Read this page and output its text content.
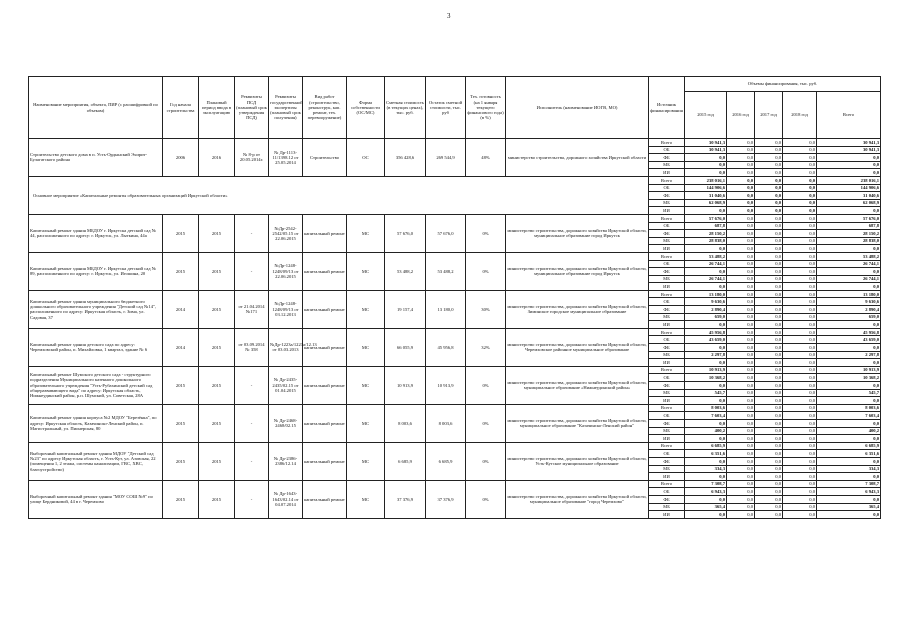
3
Наименование мероприятия, объекта, ПИР (с расшифровкой по объекам)	Год начала строительства	Плановый период ввода в эксплуатацию	Реквизиты ПСД (плановый срок утверждения ПСД)	Реквизиты государственной экспертизы (плановый срок получения)	Вид работ (строительство, реконструк, кап. ремонт, тех. перевооружение)	Форма собственности (ОС/МС)	Сметная стоимость (в текущих ценах), тыс. руб.	Остаток сметной стоимости, тыс. руб	Тех. готовность (на 1 января текущего финансового года) (в %)	Исполнитель (наименование ИОГВ, МО)	Источник финансирования	Объемы финансирования, тыс. руб.				
												2015 год	2016 год	2017 год	2018 год	Всего
Строительство детского дома в п. Усть-Ордынский Эхирит-Булагатского района	2006	2016	№ 8-р от 20.05.2014г.	№ Др-1113-11/1398.12 от 25.05.2014	Строительство	ОС	356 428,6	269 544,9	48%	министерство строительства, дорожного хозяйства Иркутской области	Всего	30 941,3	0,0	0,0	0,0	30 941,3
											ОБ	30 941,3	0,0	0,0	0,0	30 941,3
											ФБ	0,0	0,0	0,0	0,0	0,0
											МБ	0,0	0,0	0,0	0,0	0,0
											ИИ	0,0	0,0	0,0	0,0	0,0
Основное мероприятие «Капитальные ремонты образовательных организаций Иркутской области»											Всего	238 016,1	0,0	0,0	0,0	238 016,1
											ОБ	144 906,6	0,0	0,0	0,0	144 906,6
											ФБ	31 040,6	0,0	0,0	0,0	31 040,6
											МБ	62 068,9	0,0	0,0	0,0	62 068,9
											ИИ	0,0	0,0	0,0	0,0	0,0
Капитальный ремонт здания МБДОУ г. Иркутска детский сад № 44, расположенного по адресу: г. Иркутск, ул. Лыткина, 44а	2015	2015	-	№Др-2542-2542/05.15 от 22.06.2015	капитальный ремонт	МС	57 676,0	57 676,0	0%	министерство строительства, дорожного хозяйства Иркутской области, муниципальное образование город Иркутск	Всего	57 676,0	0,0	0,0	0,0	57 676,0
											ОБ	687,8	0,0	0,0	0,0	687,8
											ФБ	28 150,2	0,0	0,0	0,0	28 150,2
											МБ	28 838,0	0,0	0,0	0,0	28 838,0
											ИИ	0,0	0,0	0,0	0,0	0,0
Капитальный ремонт здания МБДОУ г. Иркутска детский сад № 89, расположенного по адресу: г. Иркутск, ул. Игошина, 20	2015	2015	-	№Др-1248-1248/09/13 от 22.06.2015	капитальный ремонт	МС	53 488,2	53 488,2	0%	министерство строительства, дорожного хозяйства Иркутской области, муниципальное образование город Иркутск	Всего	53 488,2	0,0	0,0	0,0	53 488,2
											ОБ	26 744,1	0,0	0,0	0,0	26 744,1
											ФБ	0,0	0,0	0,0	0,0	0,0
											МБ	26 744,1	0,0	0,0	0,0	26 744,1
											ИИ	0,0	0,0	0,0	0,0	0,0
Капитальный ремонт здания муниципального бюджетного дошкольного образовательного учреждения "Детский сад №14", расположенного по адресу: Иркутская область, г. Зима, ул. Садовая, 37	2014	2015	от 21.04.2014 №171	№Др-1248-1248/09/13 от 03.12.2013	капитальный ремонт	МС	19 157,4	13 180,0	30%	министерство строительства, дорожного хозяйства Иркутской области, Зиминское городское муниципальное образование	Всего	13 180,0	0,0	0,0	0,0	13 180,0
											ОБ	9 630,6	0,0	0,0	0,0	9 630,6
											ФБ	2 890,4	0,0	0,0	0,0	2 890,4
											МБ	659,0	0,0	0,0	0,0	659,0
											ИИ	0,0	0,0	0,0	0,0	0,0
Капитальный ремонт здания детского сада по адресу: Черемховский район, п. Михайловка, 1 квартал, здание № 6	2014	2015	от 03.09.2014 № 358	№Др-1223а/1223а/12.13 от 03.03.2013	капитальный ремонт	МС	66 055,9	45 956,8	32%	министерство строительства, дорожного хозяйства Иркутской области, Черемховское районное муниципальное образование	Всего	45 956,8	0,0	0,0	0,0	45 956,8
											ОБ	43 659,0	0,0	0,0	0,0	43 659,0
											ФБ	0,0	0,0	0,0	0,0	0,0
											МБ	2 297,8	0,0	0,0	0,0	2 297,8
											ИИ	0,0	0,0	0,0	0,0	0,0
Капитальный ремонт Шумского детского сада - структурного подразделения Муниципального казенного дошкольного образовательного учреждения "Усть-Рубахинский детский сад общеразвивающего вида" по адресу: Иркутская область, Нижнеудинский район, р.п. Шумский, ул. Советская, 28А	2015	2015	-	№ Др-2435-2435/02.15 от 01.04.2015	капитальный ремонт	МС	10 913,9	10 913,9	0%	министерство строительства, дорожного хозяйства Иркутской области, муниципальное образование «Нижнеудинский район»	Всего	10 913,9	0,0	0,0	0,0	10 913,9
											ОБ	10 368,2	0,0	0,0	0,0	10 368,2
											ФБ	0,0	0,0	0,0	0,0	0,0
											МБ	545,7	0,0	0,0	0,0	545,7
											ИИ	0,0	0,0	0,0	0,0	0,0
Капитальный ремонт здания корпуса №2 МДОУ "Березёнка", по адресу: Иркутская область, Казачинско-Ленский район, п. Магистральный, ул. Пионерская, 80	2015	2015	-	№ Др-2468-2468/02.15	капитальный ремонт	МС	8 003,6	8 003,6	0%	министерство строительства, дорожного хозяйства Иркутской области, муниципальное образование "Казачинско-Ленский район"	Всего	8 003,6	0,0	0,0	0,0	8 003,6
											ОБ	7 603,4	0,0	0,0	0,0	7 603,4
											ФБ	0,0	0,0	0,0	0,0	0,0
											МБ	400,2	0,0	0,0	0,0	400,2
											ИИ	0,0	0,0	0,0	0,0	0,0
Выборочный капитальный ремонт здания МДОУ "Детский сад №23" по адресу Иркутская область, г. Усть-Кут, ул. Азовская, 22 (помещения 1, 2 этажа, системы канализации, ГВС, ХВС, благоустройство)	2015	2015	-	№ Др-2386-2386/12.14	капитальный ремонт	МС	6 685,9	6 685,9	0%	министерство строительства, дорожного хозяйства Иркутской области, Усть-Кутское муниципальное образование	Всего	6 685,9	0,0	0,0	0,0	6 685,9
											ОБ	6 351,6	0,0	0,0	0,0	6 351,6
											ФБ	0,0	0,0	0,0	0,0	0,0
											МБ	334,3	0,0	0,0	0,0	334,3
											ИИ	0,0	0,0	0,0	0,0	0,0
Выборочный капитальный ремонт здания "МОУ СОШ №9" по улице Бердниковой, 44 в г. Черемхово	2015	2015	-	№ Др-1643-1643/02.14 от 04.07.2014	капитальный ремонт	МС	37 376,9	37 376,9	0%	министерство строительства, дорожного хозяйства Иркутской области, муниципальное образование "город Черемхово"	Всего	7 308,7	0,0	0,0	0,0	7 308,7
											ОБ	6 943,3	0,0	0,0	0,0	6 943,3
											ФБ	0,0	0,0	0,0	0,0	0,0
											МБ	365,4	0,0	0,0	0,0	365,4
											ИИ	0,0	0,0	0,0	0,0	0,0
